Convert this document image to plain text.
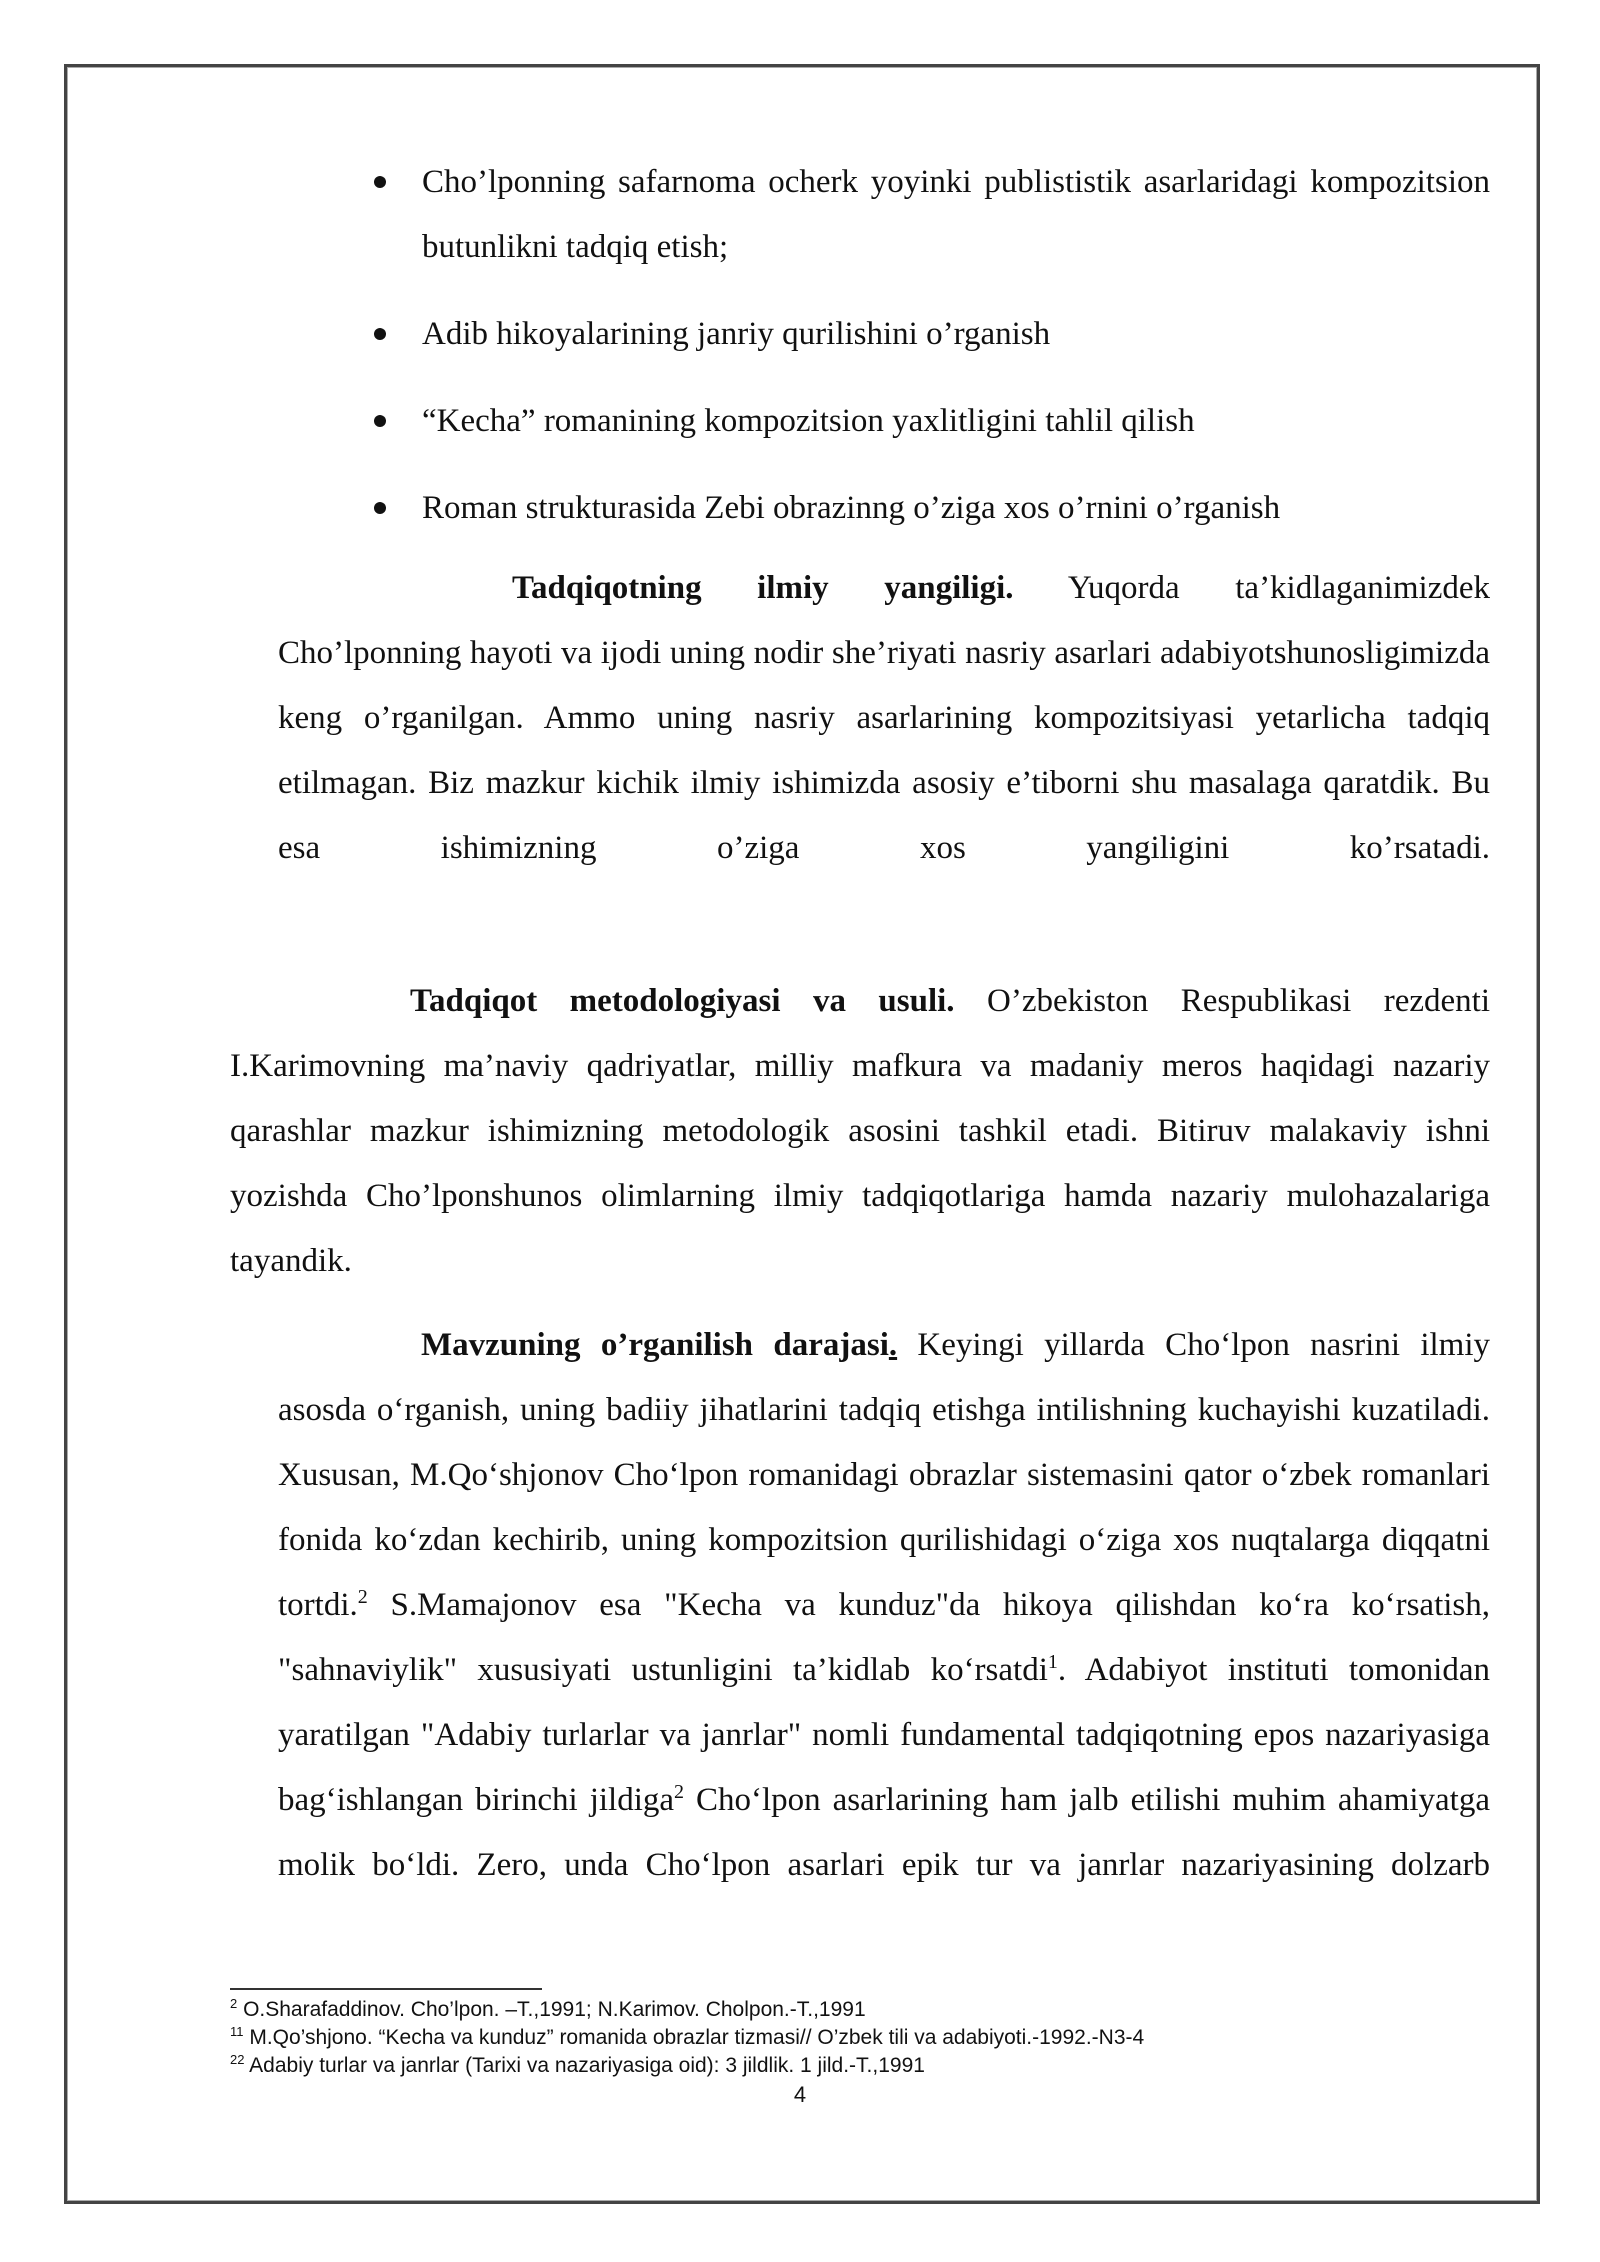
Cho’lponning safarnoma ocherk yoyinki publististik asarlaridagi kompozitsion butunlikni tadqiq etish;
Adib hikoyalarining janriy qurilishini o’rganish
“Kecha” romanining kompozitsion yaxlitligini tahlil qilish
Roman strukturasida Zebi obrazinng o’ziga xos o’rnini o’rganish
Tadqiqotning ilmiy yangiligi. Yuqorda ta’kidlaganimizdek Cho’lponning hayoti va ijodi uning nodir she’riyati nasriy asarlari adabiyotshunosligimizda keng o’rganilgan. Ammo uning nasriy asarlarining kompozitsiyasi yetarlicha tadqiq etilmagan. Biz mazkur kichik ilmiy ishimizda asosiy e’tiborni shu masalaga qaratdik. Bu esa ishimizning o’ziga xos yangiligini ko’rsatadi.
Tadqiqot metodologiyasi va usuli. O’zbekiston Respublikasi rezdenti I.Karimovning ma’naviy qadriyatlar, milliy mafkura va madaniy meros haqidagi nazariy qarashlar mazkur ishimizning metodologik asosini tashkil etadi. Bitiruv malakaviy ishni yozishda Cho’lponshunos olimlarning ilmiy tadqiqotlariga hamda nazariy mulohazalariga tayandik.
Mavzuning o’rganilish darajasi. Keyingi yillarda Cho‘lpon nasrini ilmiy asosda o‘rganish, uning badiiy jihatlarini tadqiq etishga intilishning kuchayishi kuzatiladi. Xususan, M.Qo‘shjonov Cho‘lpon romanidagi obrazlar sistemasini qator o‘zbek romanlari fonida ko‘zdan kechirib, uning kompozitsion qurilishidagi o‘ziga xos nuqtalarga diqqatni tortdi.$^2$ S.Mamajonov esa "Kecha va kunduz"da hikoya qilishdan ko‘ra ko‘rsatish, "sahnaviylik" xususiyati ustunligini ta’kidlab ko‘rsatdi$^1$. Adabiyot instituti tomonidan yaratilgan "Adabiy turlarlar va janrlar" nomli fundamental tadqiqotning epos nazariyasiga bag‘ishlangan birinchi jildiga$^2$ Cho‘lpon asarlarining ham jalb etilishi muhim ahamiyatga molik bo‘ldi. Zero, unda Cho‘lpon asarlari epik tur va janrlar nazariyasining dolzarb
$^2$ O.Sharafaddinov. Cho’lpon. –T.,1991; N.Karimov. Cholpon.-T.,1991
$^{11}$ M.Qo’shjono. “Kecha va kunduz” romanida obrazlar tizmasi// O’zbek tili va adabiyoti.-1992.-N3-4
$^{22}$ Adabiy turlar va janrlar (Tarixi va nazariyasiga oid): 3 jildlik. 1 jild.-T.,1991
4
